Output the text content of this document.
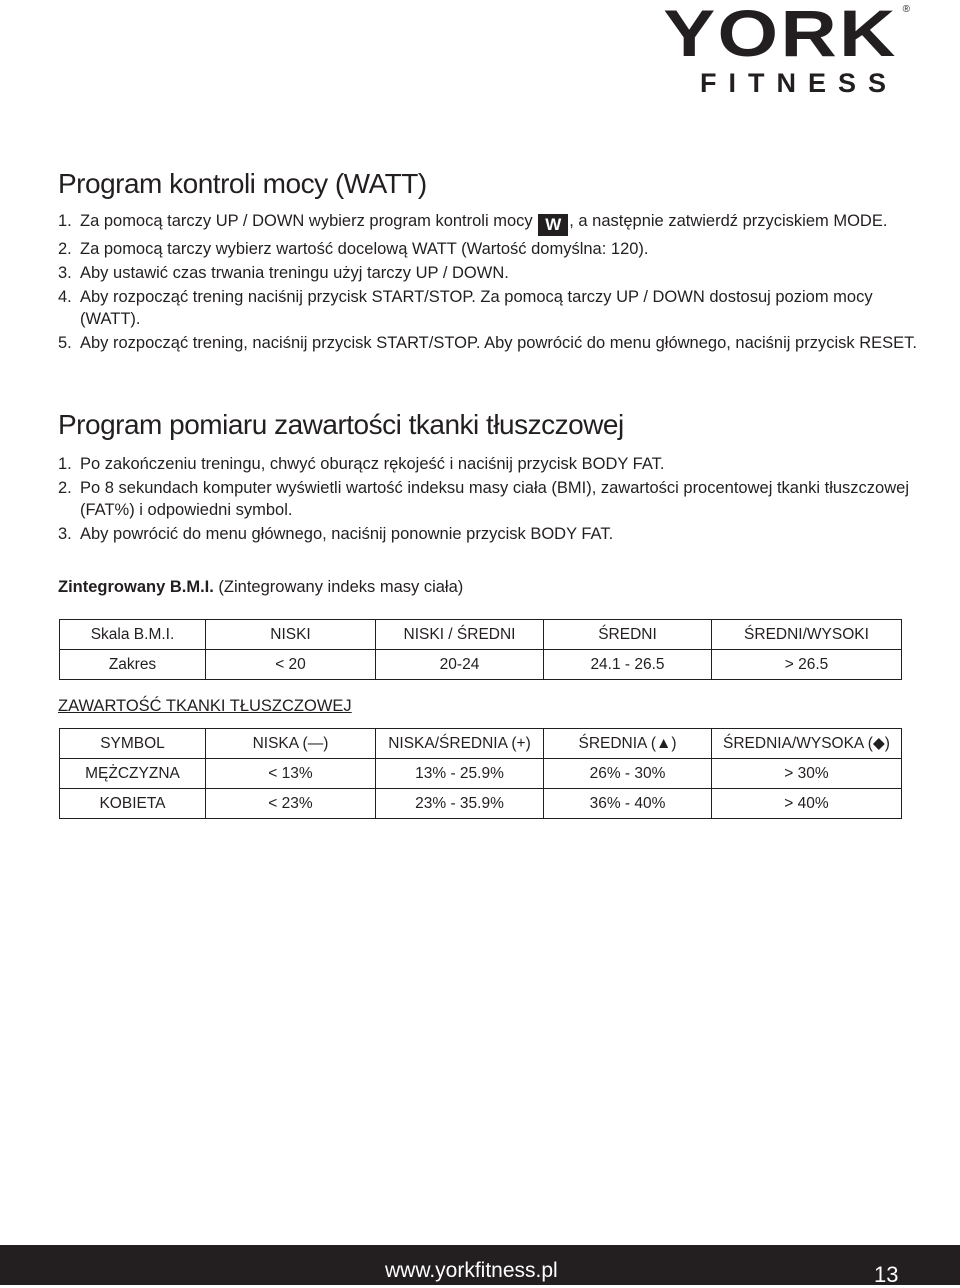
YORK ®
FITNESS
Program kontroli mocy (WATT)
1. Za pomocą tarczy UP / DOWN wybierz program kontroli mocy W , a następnie zatwierdź przyciskiem MODE.
2. Za pomocą tarczy wybierz wartość docelową WATT (Wartość domyślna: 120).
3. Aby ustawić czas trwania treningu użyj tarczy UP / DOWN.
4. Aby rozpocząć trening naciśnij przycisk START/STOP. Za pomocą tarczy UP / DOWN dostosuj poziom mocy (WATT).
5. Aby rozpocząć trening, naciśnij przycisk START/STOP. Aby powrócić do menu głównego, naciśnij przycisk RESET.
Program pomiaru zawartości tkanki tłuszczowej
1. Po zakończeniu treningu, chwyć oburącz rękojeść i naciśnij przycisk BODY FAT.
2. Po 8 sekundach komputer wyświetli wartość indeksu masy ciała (BMI), zawartości procentowej tkanki tłuszczowej (FAT%) i odpowiedni symbol.
3. Aby powrócić do menu głównego, naciśnij ponownie przycisk BODY FAT.
Zintegrowany B.M.I. (Zintegrowany indeks masy ciała)
Skala B.M.I.	NISKI	NISKI / ŚREDNI	ŚREDNI	ŚREDNI/WYSOKI
Zakres	< 20	20-24	24.1 - 26.5	> 26.5
ZAWARTOŚĆ TKANKI TŁUSZCZOWEJ
SYMBOL	NISKA (—)	NISKA/ŚREDNIA (+)	ŚREDNIA (▲)	ŚREDNIA/WYSOKA (◆)
MĘŻCZYZNA	< 13%	13% - 25.9%	26% - 30%	> 30%
KOBIETA	< 23%	23% - 35.9%	36% - 40%	> 40%
www.yorkfitness.pl	13
